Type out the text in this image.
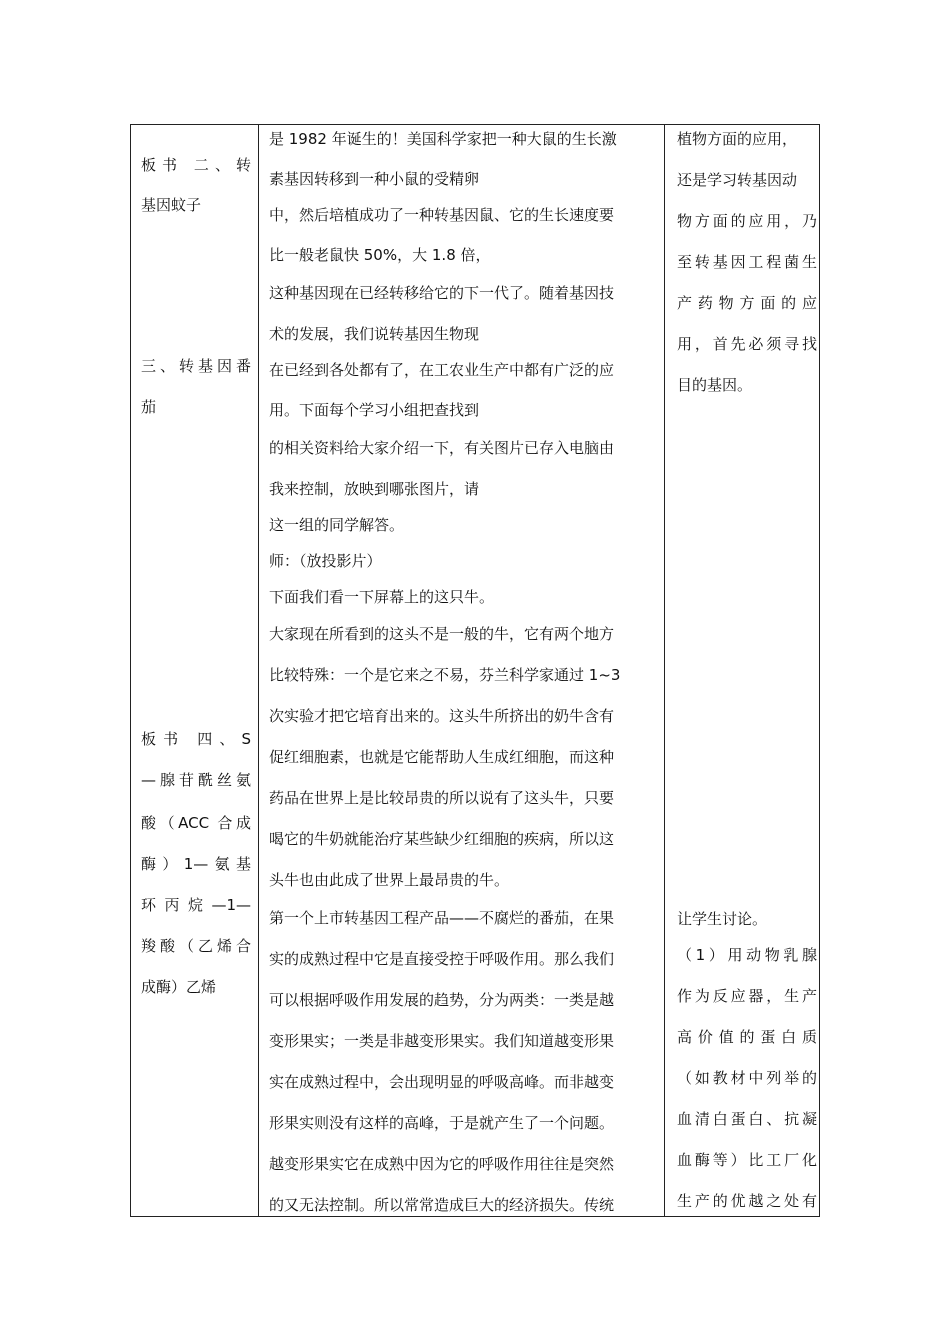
板书 二、转
基因蚊子
三、转基因番
茄
板书 四、S
—腺苷酰丝氨
酸（ACC 合成
酶）1—氨基
环丙烷—1—
羧酸（乙烯合
成酶）乙烯
是 1982 年诞生的！美国科学家把一种大鼠的生长激
素基因转移到一种小鼠的受精卵
中，然后培植成功了一种转基因鼠、它的生长速度要
比一般老鼠快 50%，大 1.8 倍，
这种基因现在已经转移给它的下一代了。随着基因技
术的发展，我们说转基因生物现
在已经到各处都有了，在工农业生产中都有广泛的应
用。下面每个学习小组把查找到
的相关资料给大家介绍一下，有关图片已存入电脑由
我来控制，放映到哪张图片，请
这一组的同学解答。
师：（放投影片）
下面我们看一下屏幕上的这只牛。
大家现在所看到的这头不是一般的牛，它有两个地方
比较特殊：一个是它来之不易，芬兰科学家通过 1~3
次实验才把它培育出来的。这头牛所挤出的奶牛含有
促红细胞素，也就是它能帮助人生成红细胞，而这种
药品在世界上是比较昂贵的所以说有了这头牛，只要
喝它的牛奶就能治疗某些缺少红细胞的疾病，所以这
头牛也由此成了世界上最昂贵的牛。
第一个上市转基因工程产品——不腐烂的番茄，在果
实的成熟过程中它是直接受控于呼吸作用。那么我们
可以根据呼吸作用发展的趋势，分为两类：一类是越
变形果实；一类是非越变形果实。我们知道越变形果
实在成熟过程中，会出现明显的呼吸高峰。而非越变
形果实则没有这样的高峰，于是就产生了一个问题。
越变形果实它在成熟中因为它的呼吸作用往往是突然
的又无法控制。所以常常造成巨大的经济损失。传统
植物方面的应用，
还是学习转基因动
物方面的应用，乃
至转基因工程菌生
产药物方面的应
用，首先必须寻找
目的基因。
让学生讨论。
（1）用动物乳腺
作为反应器，生产
高价值的蛋白质
（如教材中列举的
血清白蛋白、抗凝
血酶等）比工厂化
生产的优越之处有
